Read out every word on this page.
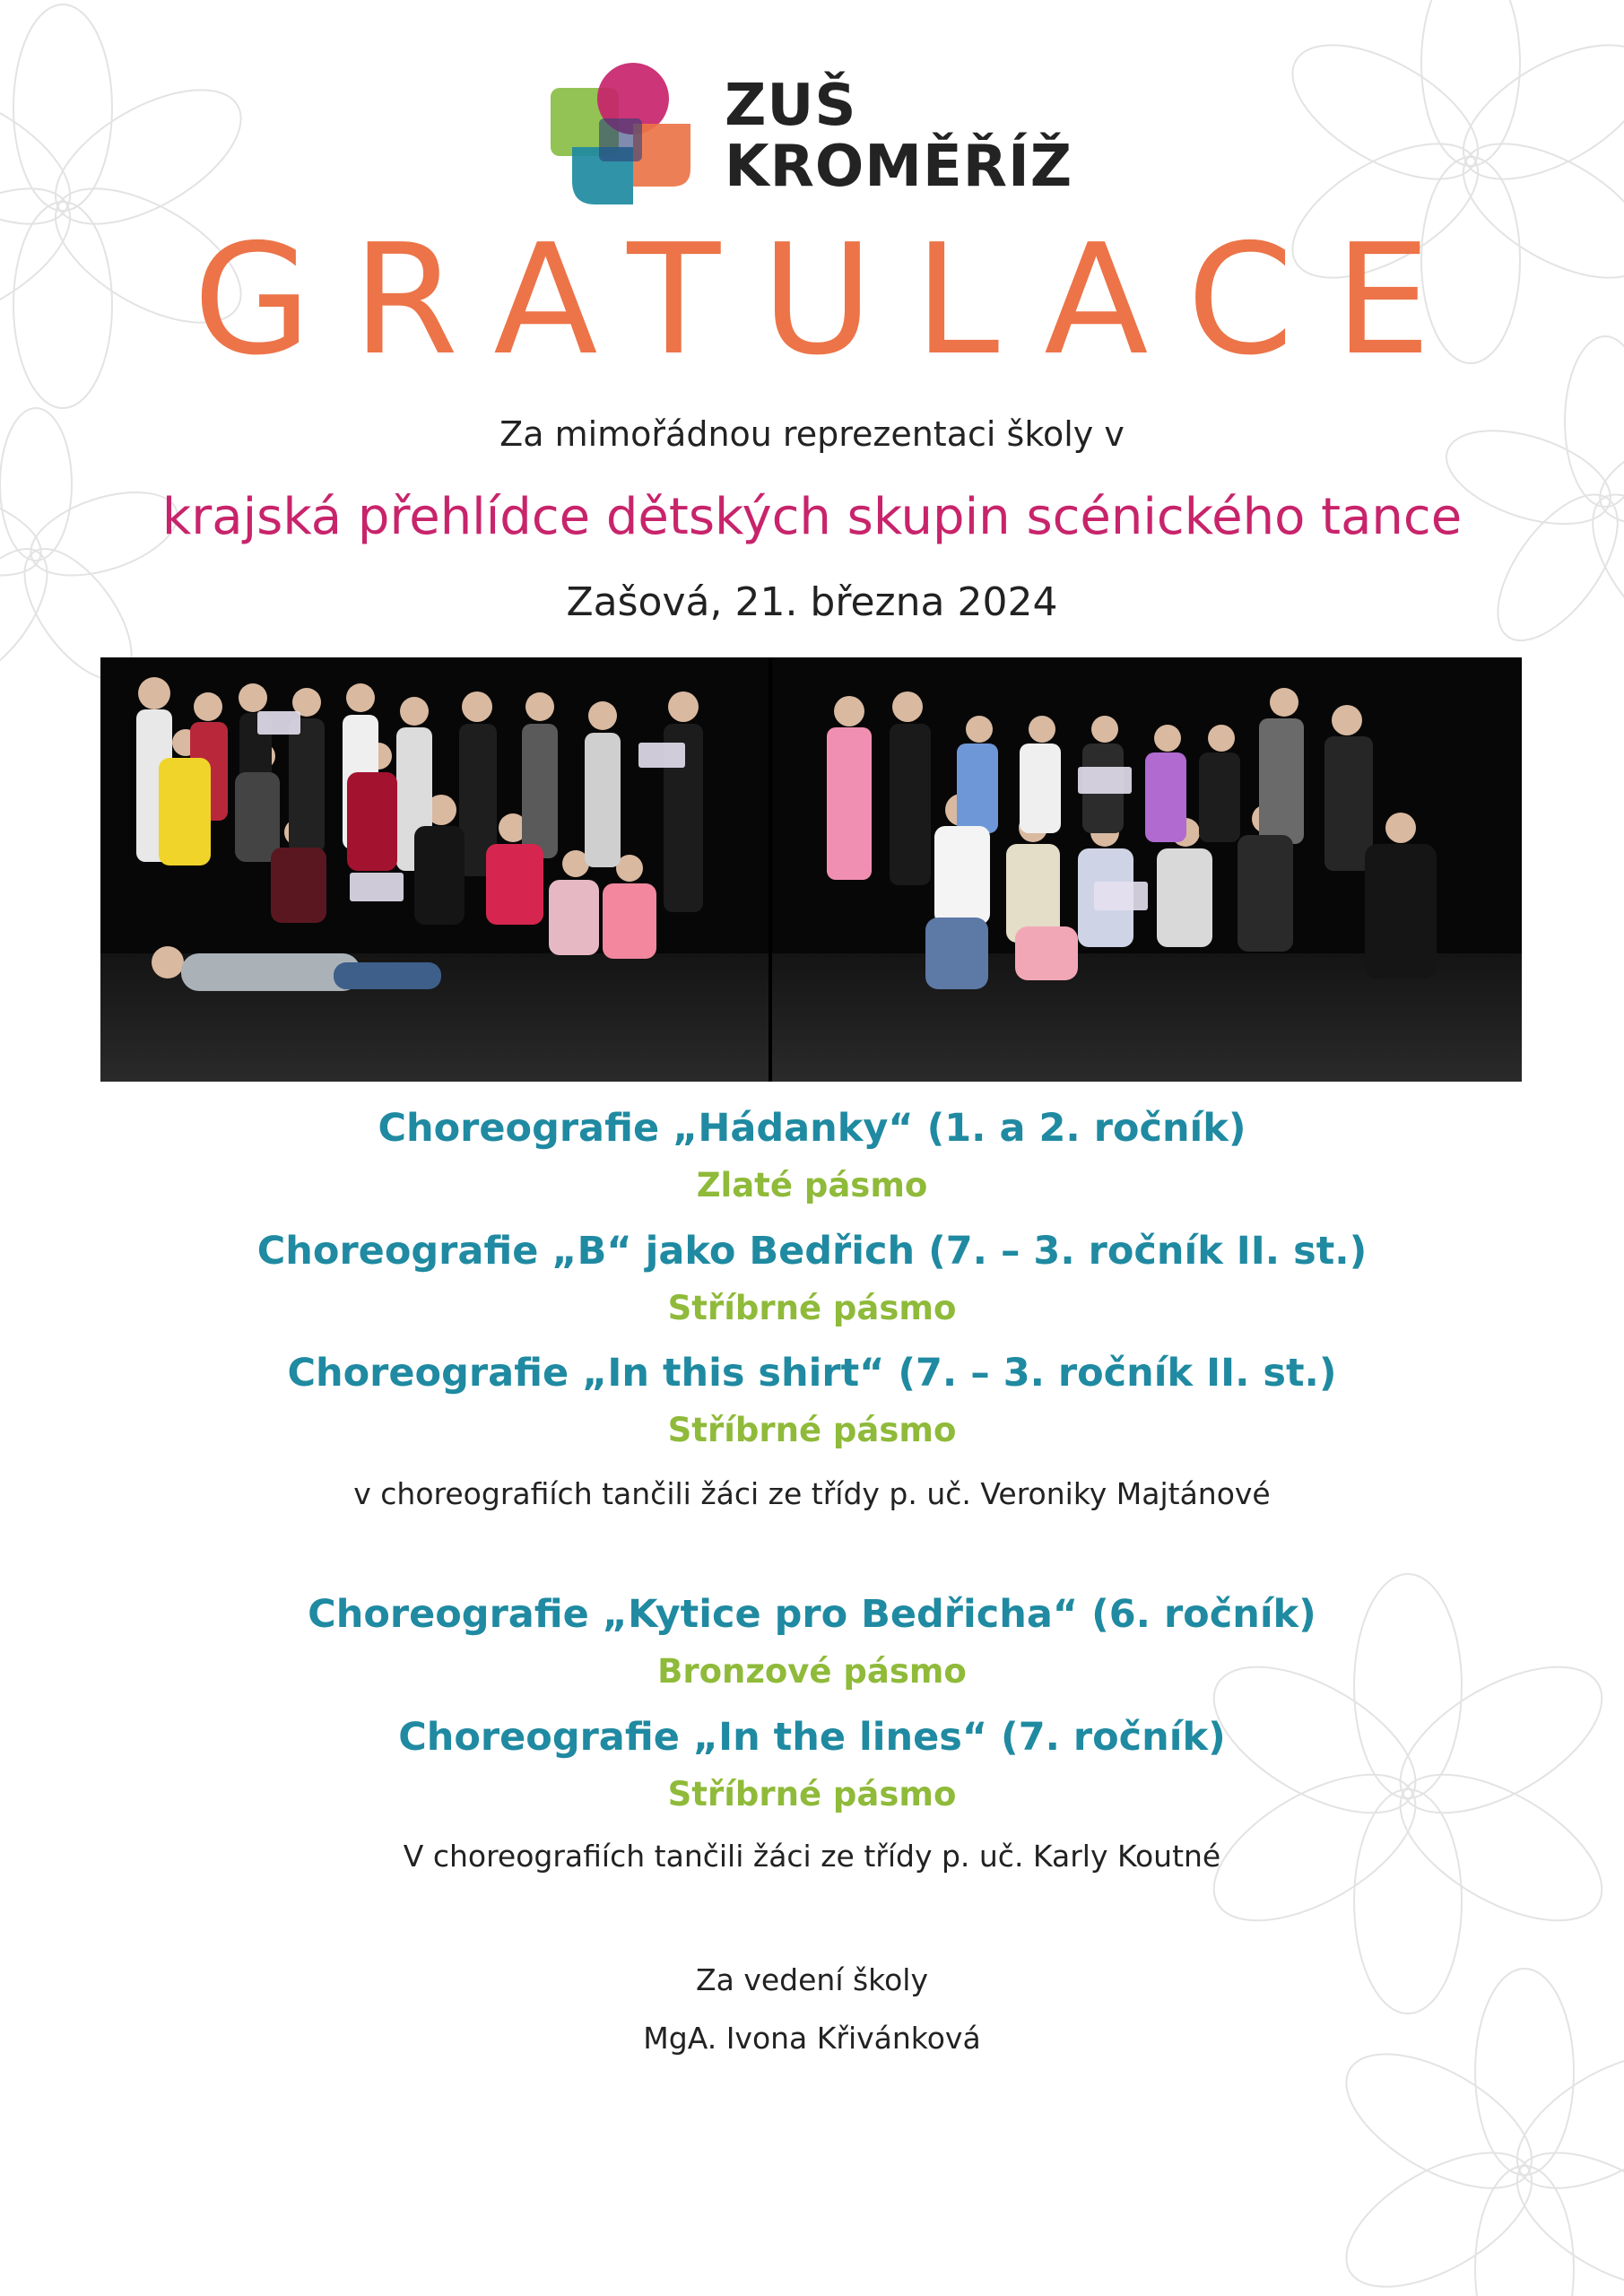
ZUŠ
KROMĚŘÍŽ
GRATULACE
Za mimořádnou reprezentaci školy v
krajská přehlídce dětských skupin scénického tance
Zašová, 21. března 2024
Choreografie „Hádanky“ (1. a 2. ročník)
Zlaté pásmo
Choreografie „B“ jako Bedřich (7. – 3. ročník II. st.)
Stříbrné pásmo
Choreografie „In this shirt“ (7. – 3. ročník II. st.)
Stříbrné pásmo
v choreografiích tančili žáci ze třídy p. uč. Veroniky Majtánové
Choreografie „Kytice pro Bedřicha“ (6. ročník)
Bronzové pásmo
Choreografie „In the lines“ (7. ročník)
Stříbrné pásmo
V choreografiích tančili žáci ze třídy p. uč. Karly Koutné
Za vedení školy
MgA. Ivona Křivánková
